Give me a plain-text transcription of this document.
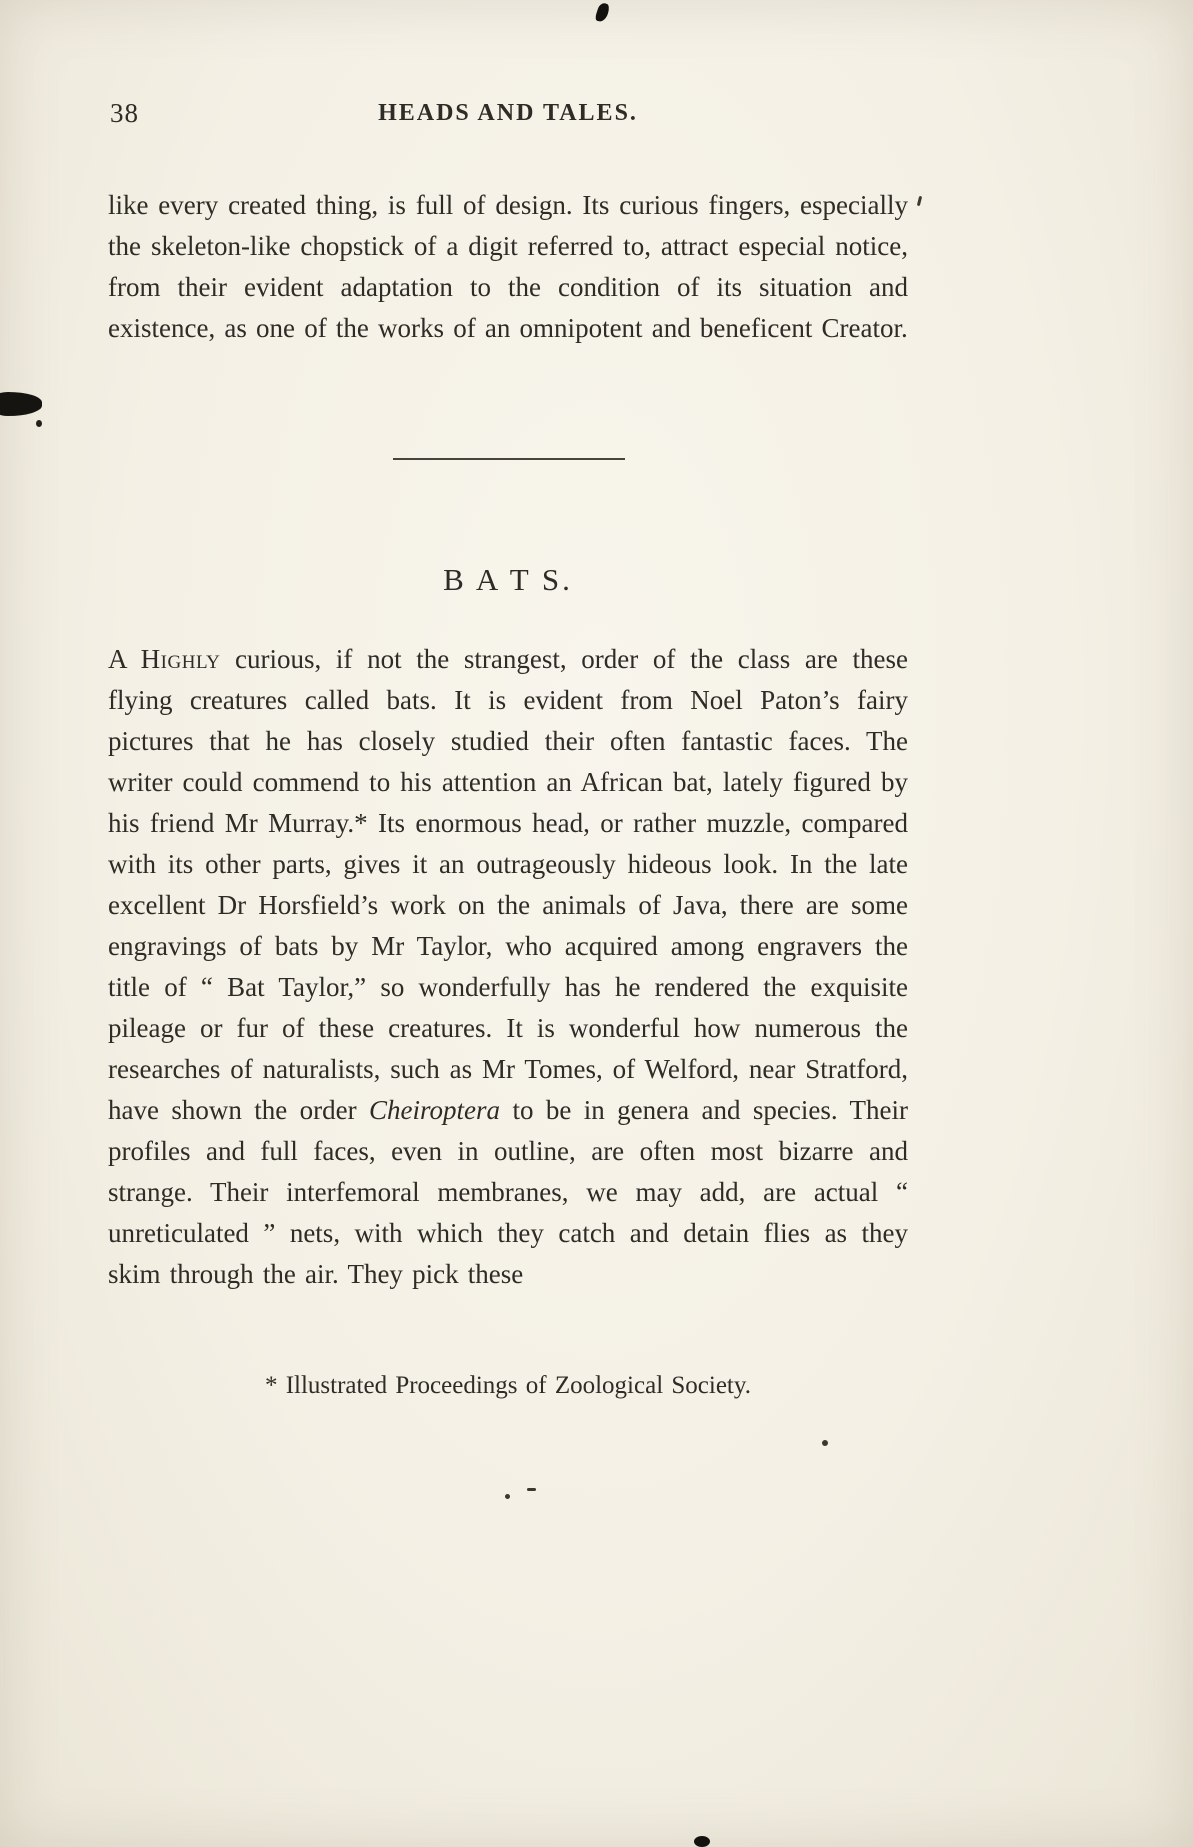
38	HEADS AND TALES.

like every created thing, is full of design. Its curious fingers, especially the skeleton-like chopstick of a digit referred to, attract especial notice, from their evident adaptation to the condition of its situation and existence, as one of the works of an omnipotent and beneficent Creator.

B A T S.

A Highly curious, if not the strangest, order of the class are these flying creatures called bats. It is evident from Noel Paton’s fairy pictures that he has closely studied their often fantastic faces. The writer could commend to his attention an African bat, lately figured by his friend Mr Murray.* Its enormous head, or rather muzzle, compared with its other parts, gives it an outrageously hideous look. In the late excellent Dr Horsfield’s work on the animals of Java, there are some engravings of bats by Mr Taylor, who acquired among engravers the title of “ Bat Taylor,” so wonderfully has he rendered the exquisite pileage or fur of these creatures. It is wonderful how numerous the researches of naturalists, such as Mr Tomes, of Welford, near Stratford, have shown the order Cheiroptera to be in genera and species. Their profiles and full faces, even in outline, are often most bizarre and strange. Their interfemoral membranes, we may add, are actual “ unreticulated ” nets, with which they catch and detain flies as they skim through the air. They pick these

* Illustrated Proceedings of Zoological Society.
